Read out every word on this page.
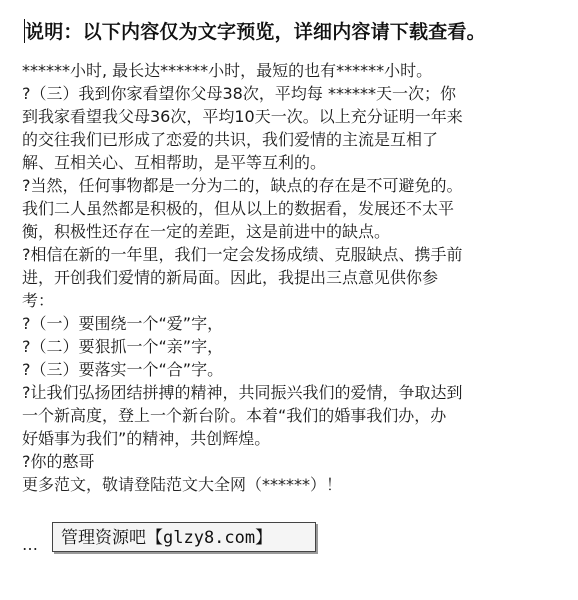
说明：以下内容仅为文字预览，详细内容请下载查看。
******小时, 最长达******小时，最短的也有******小时。
?（三）我到你家看望你父母38次，平均每 ******天一次；你
到我家看望我父母36次，平均10天一次。以上充分证明一年来
的交往我们已形成了恋爱的共识，我们爱情的主流是互相了
解、互相关心、互相帮助，是平等互利的。
?当然，任何事物都是一分为二的，缺点的存在是不可避免的。
我们二人虽然都是积极的，但从以上的数据看，发展还不太平
衡，积极性还存在一定的差距，这是前进中的缺点。
?相信在新的一年里，我们一定会发扬成绩、克服缺点、携手前
进，开创我们爱情的新局面。因此，我提出三点意见供你参
考：
?（一）要围绕一个“爱”字，
?（二）要狠抓一个“亲”字，
?（三）要落实一个“合”字。
?让我们弘扬团结拼搏的精神，共同振兴我们的爱情，争取达到
一个新高度，登上一个新台阶。本着“我们的婚事我们办，办
好婚事为我们”的精神，共创辉煌。
?你的憨哥
更多范文，敬请登陆范文大全网（******）！
…	管理资源吧【glzy8.com】
